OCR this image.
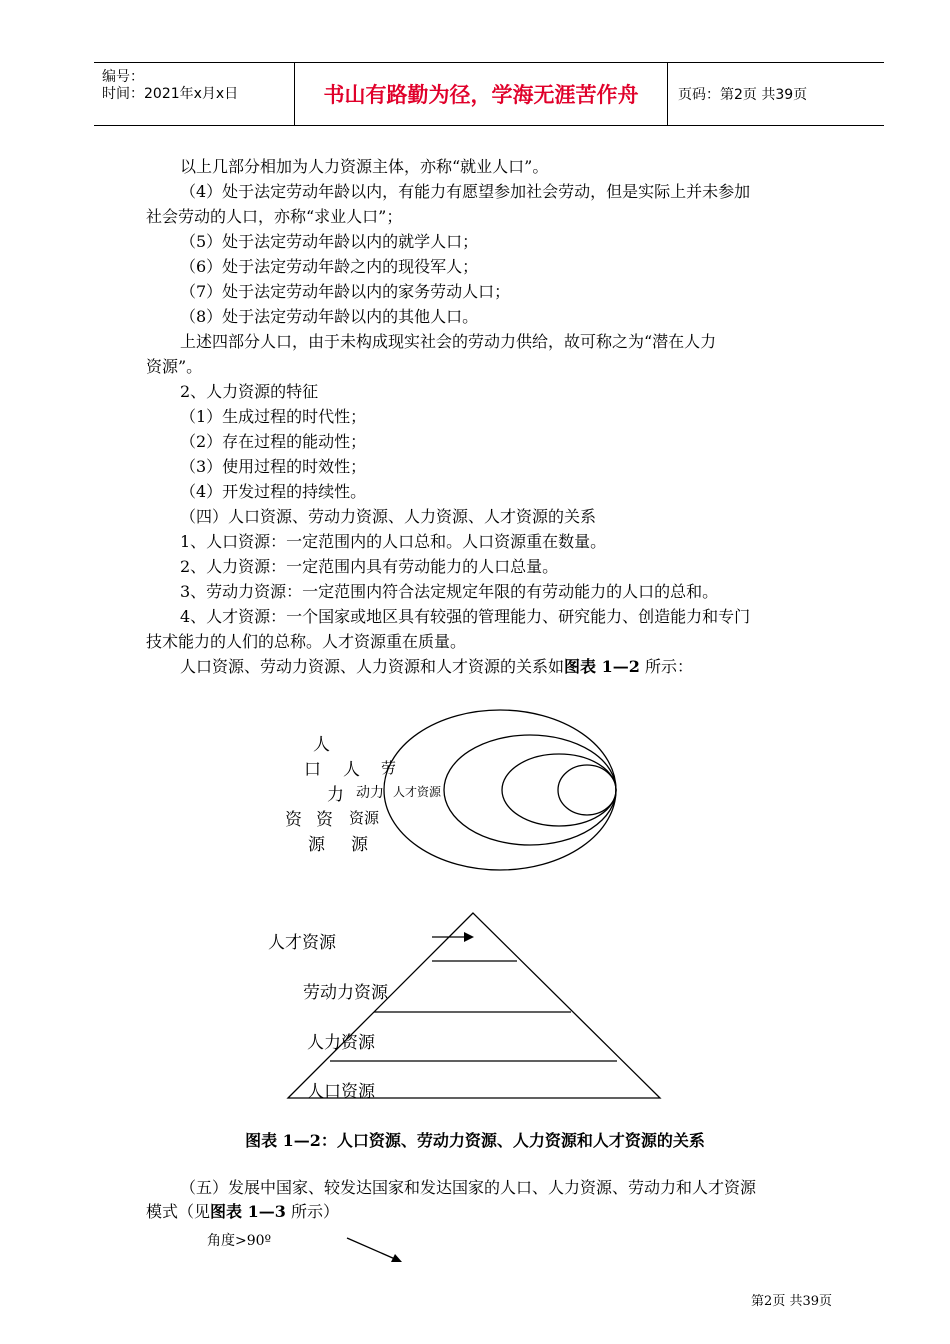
编号：
时间：2021年x月x日	书山有路勤为径，学海无涯苦作舟	页码：第2页 共39页
以上几部分相加为人力资源主体，亦称“就业人口”。
（4）处于法定劳动年龄以内，有能力有愿望参加社会劳动，但是实际上并未参加
社会劳动的人口，亦称“求业人口”；
（5）处于法定劳动年龄以内的就学人口；
（6）处于法定劳动年龄之内的现役军人；
（7）处于法定劳动年龄以内的家务劳动人口；
（8）处于法定劳动年龄以内的其他人口。
上述四部分人口，由于未构成现实社会的劳动力供给，故可称之为“潜在人力
资源”。
2、人力资源的特征
（1）生成过程的时代性；
（2）存在过程的能动性；
（3）使用过程的时效性；
（4）开发过程的持续性。
（四）人口资源、劳动力资源、人力资源、人才资源的关系
1、人口资源：一定范围内的人口总和。人口资源重在数量。
2、人力资源：一定范围内具有劳动能力的人口总量。
3、劳动力资源：一定范围内符合法定规定年限的有劳动能力的人口的总和。
4、人才资源：一个国家或地区具有较强的管理能力、研究能力、创造能力和专门
技术能力的人们的总称。人才资源重在质量。
人口资源、劳动力资源、人力资源和人才资源的关系如图表 1—2 所示：
人
口 人 劳
力 动力 人才资源
资 资 资源
源 源
人才资源
劳动力资源
人力资源
人口资源
图表 1—2：人口资源、劳动力资源、人力资源和人才资源的关系
（五）发展中国家、较发达国家和发达国家的人口、人力资源、劳动力和人才资源
模式（见图表 1—3 所示）
角度>90º
第2页 共39页
